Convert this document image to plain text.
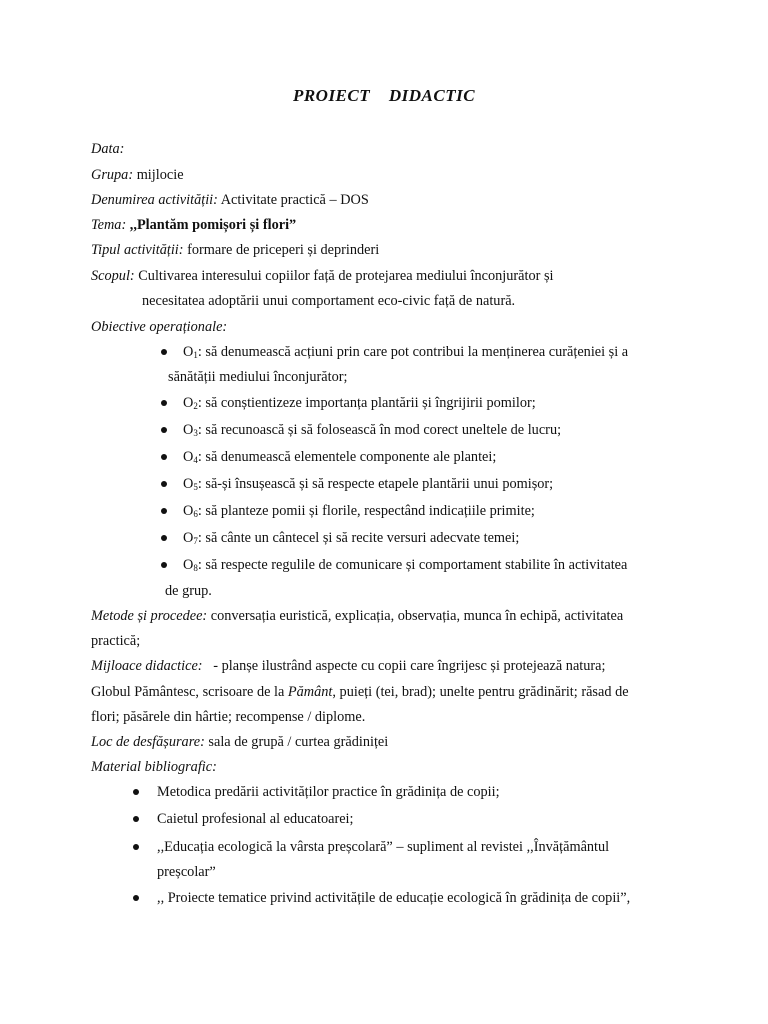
PROIECT DIDACTIC
Data:
Grupa: mijlocie
Denumirea activității: Activitate practică – DOS
Tema: ,,Plantăm pomișori și flori”
Tipul activității: formare de priceperi și deprinderi
Scopul: Cultivarea interesului copiilor față de protejarea mediului înconjurător și
necesitatea adoptării unui comportament eco-civic față de natură.
Obiective operaționale:
$O_1$: să denumească acțiuni prin care pot contribui la menținerea curățeniei și a
sănătății mediului înconjurător;
$O_2$: să conștientizeze importanța plantării și îngrijirii pomilor;
$O_3$: să recunoască și să folosească în mod corect uneltele de lucru;
$O_4$: să denumească elementele componente ale plantei;
$O_5$: să-și însușească și să respecte etapele plantării unui pomișor;
$O_6$: să planteze pomii și florile, respectând indicațiile primite;
$O_7$: să cânte un cântecel și să recite versuri adecvate temei;
$O_8$: să respecte regulile de comunicare și comportament stabilite în activitatea
de grup.
Metode și procedee: conversația euristică, explicația, observația, munca în echipă, activitatea
practică;
Mijloace didactice:   - planșe ilustrând aspecte cu copii care îngrijesc și protejează natura;
Globul Pământesc, scrisoare de la Pământ, puieți (tei, brad); unelte pentru grădinărit; răsad de
flori; păsărele din hârtie; recompense / diplome.
Loc de desfășurare: sala de grupă / curtea grădiniței
Material bibliografic:
Metodica predării activităților practice în grădinița de copii;
Caietul profesional al educatoarei;
,,Educația ecologică la vârsta preșcolară” – supliment al revistei ,,Învățământul
preșcolar”
,, Proiecte tematice privind activitățile de educație ecologică în grădinița de copii”,
